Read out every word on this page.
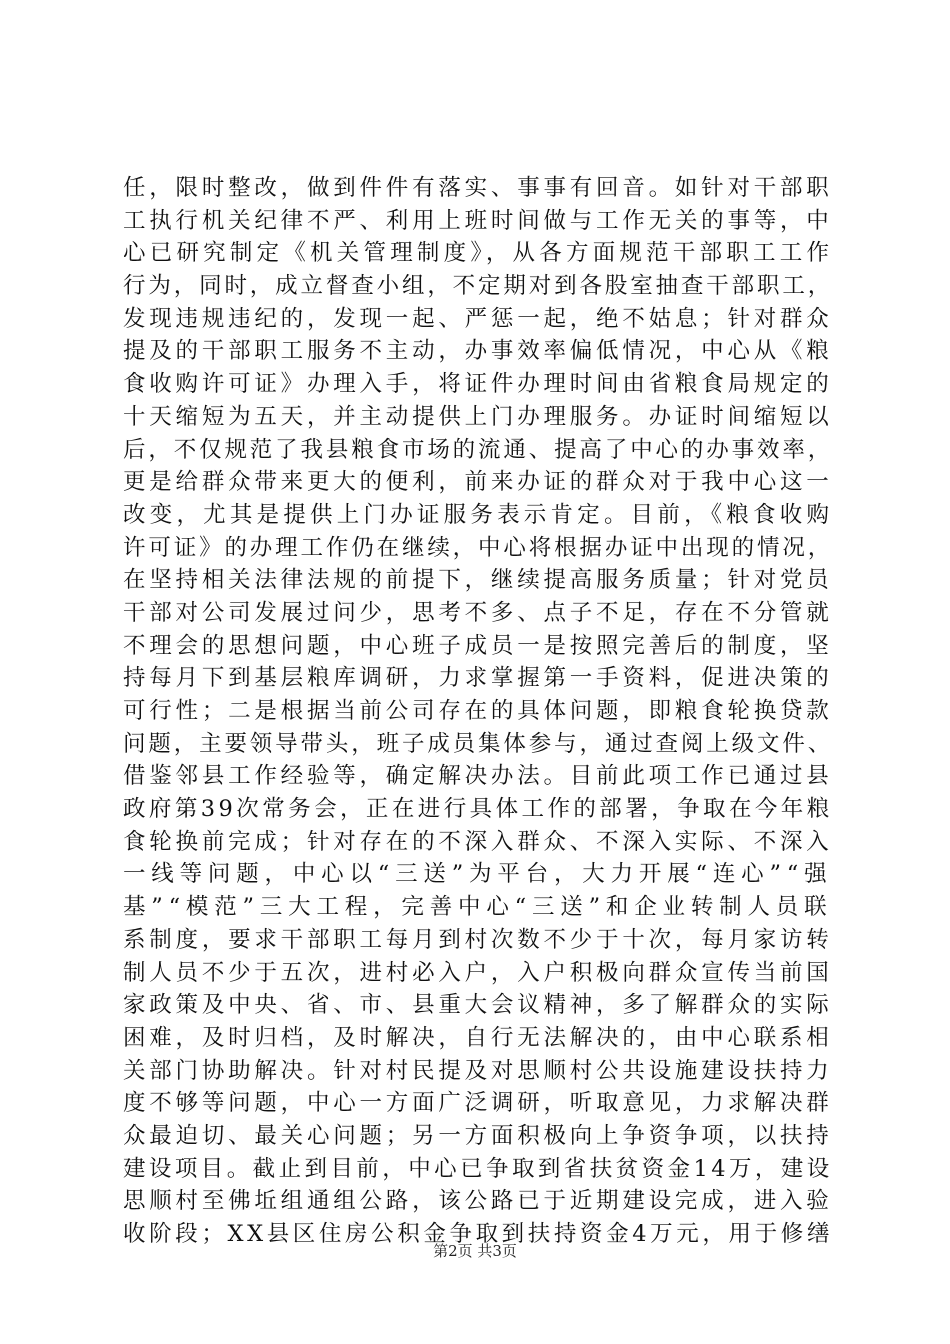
任，限时整改，做到件件有落实、事事有回音。如针对干部职
工执行机关纪律不严、利用上班时间做与工作无关的事等，中
心已研究制定《机关管理制度》，从各方面规范干部职工工作
行为，同时，成立督查小组，不定期对到各股室抽查干部职工，
发现违规违纪的，发现一起、严惩一起，绝不姑息；针对群众
提及的干部职工服务不主动，办事效率偏低情况，中心从《粮
食收购许可证》办理入手，将证件办理时间由省粮食局规定的
十天缩短为五天，并主动提供上门办理服务。办证时间缩短以
后，不仅规范了我县粮食市场的流通、提高了中心的办事效率，
更是给群众带来更大的便利，前来办证的群众对于我中心这一
改变，尤其是提供上门办证服务表示肯定。目前，《粮食收购
许可证》的办理工作仍在继续，中心将根据办证中出现的情况，
在坚持相关法律法规的前提下，继续提高服务质量；针对党员
干部对公司发展过问少，思考不多、点子不足，存在不分管就
不理会的思想问题，中心班子成员一是按照完善后的制度，坚
持每月下到基层粮库调研，力求掌握第一手资料，促进决策的
可行性；二是根据当前公司存在的具体问题，即粮食轮换贷款
问题，主要领导带头，班子成员集体参与，通过查阅上级文件、
借鉴邻县工作经验等，确定解决办法。目前此项工作已通过县
政府第39次常务会，正在进行具体工作的部署，争取在今年粮
食轮换前完成；针对存在的不深入群众、不深入实际、不深入
一线等问题，中心以“三送”为平台，大力开展“连心”“强
基”“模范”三大工程，完善中心“三送”和企业转制人员联
系制度，要求干部职工每月到村次数不少于十次，每月家访转
制人员不少于五次，进村必入户，入户积极向群众宣传当前国
家政策及中央、省、市、县重大会议精神，多了解群众的实际
困难，及时归档，及时解决，自行无法解决的，由中心联系相
关部门协助解决。针对村民提及对思顺村公共设施建设扶持力
度不够等问题，中心一方面广泛调研，听取意见，力求解决群
众最迫切、最关心问题；另一方面积极向上争资争项，以扶持
建设项目。截止到目前，中心已争取到省扶贫资金14万，建设
思顺村至佛坵组通组公路，该公路已于近期建设完成，进入验
收阶段；XX县区住房公积金争取到扶持资金4万元，用于修缮
第2页 共3页
